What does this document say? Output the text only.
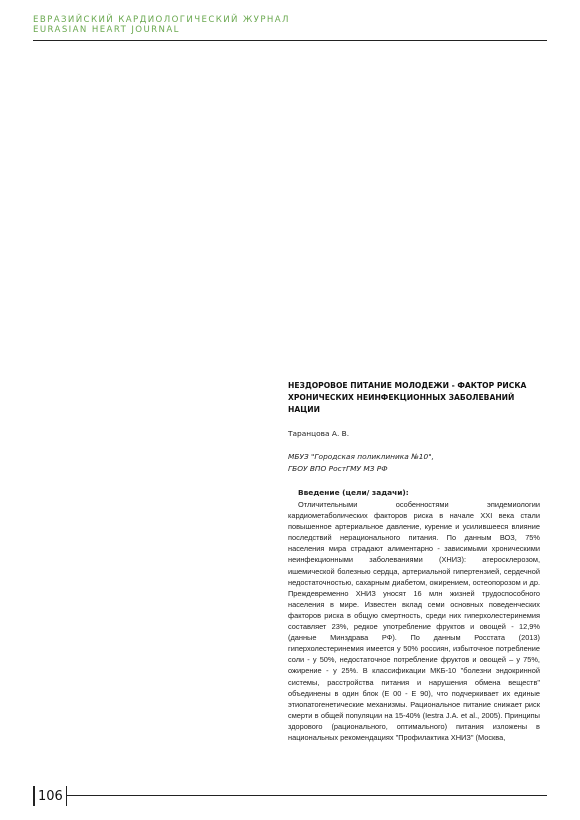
ЕВРАЗИЙСКИЙ КАРДИОЛОГИЧЕСКИЙ ЖУРНАЛ
EURASIAN HEART JOURNAL
НЕЗДОРОВОЕ ПИТАНИЕ МОЛОДЕЖИ - ФАКТОР РИСКА ХРОНИЧЕСКИХ НЕИНФЕКЦИОННЫХ ЗАБОЛЕВАНИЙ НАЦИИ
Таранцова А. В.
МБУЗ "Городская поликлиника №10",
ГБОУ ВПО РостГМУ МЗ РФ
Введение (цели/ задачи):

Отличительными особенностями эпидемиологии кардиометаболических факторов риска в начале XXI века стали повышенное артериальное давление, курение и усилившееся влияние последствий нерационального питания. По данным ВОЗ, 75% населения мира страдают алиментарно - зависимыми хроническими неинфекционными заболеваниями (ХНИЗ): атеросклерозом, ишемической болезнью сердца, артериальной гипертензией, сердечной недостаточностью, сахарным диабетом, ожирением, остеопорозом и др. Преждевременно ХНИЗ уносят 16 млн жизней трудоспособного населения в мире. Известен вклад семи основных поведенческих факторов риска в общую смертность, среди них гиперхолестеринемия составляет 23%, редкое употребление фруктов и овощей - 12,9% (данные Минздрава РФ). По данным Росстата (2013) гиперхолестеринемия имеется у 50% россиян, избыточное потребление соли - у 50%, недостаточное потребление фруктов и овощей – у 75%, ожирение - у 25%. В классификации МКБ-10 "болезни эндокринной системы, расстройства питания и нарушения обмена веществ" объединены в один блок (Е 00 - Е 90), что подчеркивает их единые этиопатогенетические механизмы. Рациональное питание снижает риск смерти в общей популяции на 15-40% (Iestra J.A. et al., 2005). Принципы здорового (рационального, оптимального) питания изложены в национальных рекомендациях "Профилактика ХНИЗ" (Москва,

106
